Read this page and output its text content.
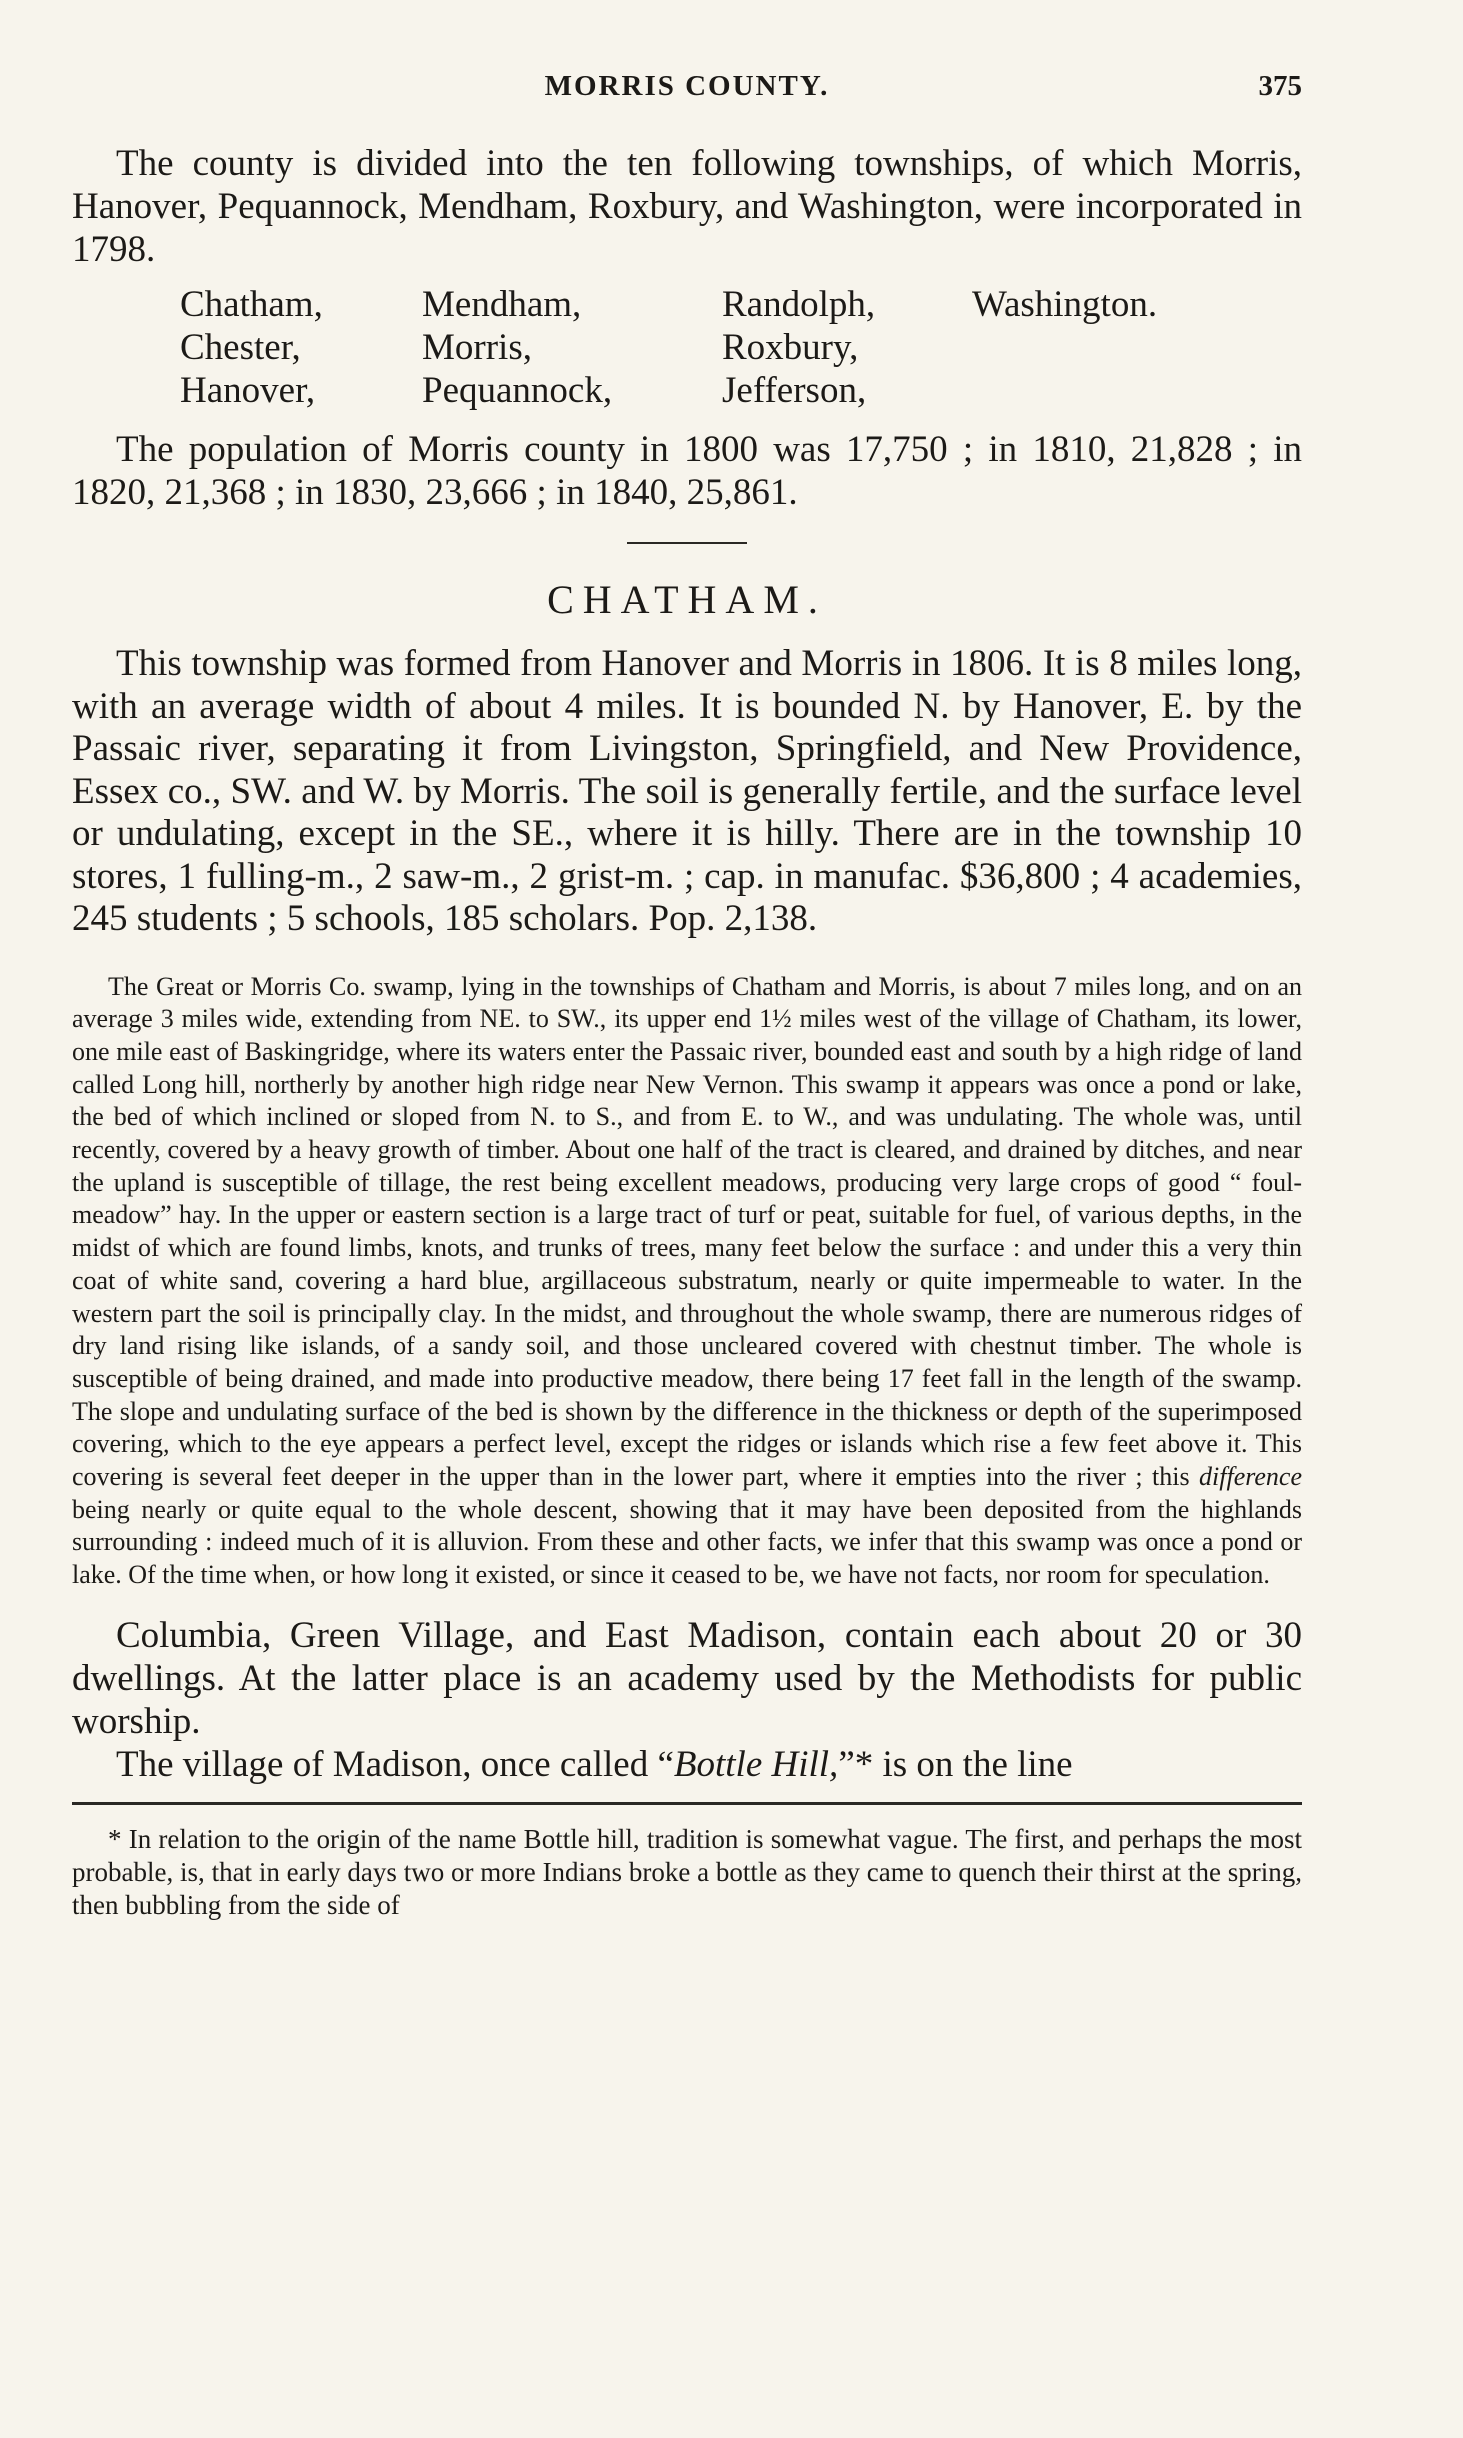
MORRIS COUNTY.	375

The county is divided into the ten following townships, of which Morris, Hanover, Pequannock, Mendham, Roxbury, and Washington, were incorporated in 1798.

Chatham,	Mendham,	Randolph,	Washington.
Chester,	Morris,	Roxbury,	
Hanover,	Pequannock,	Jefferson,	

The population of Morris county in 1800 was 17,750 ; in 1810, 21,828 ; in 1820, 21,368 ; in 1830, 23,666 ; in 1840, 25,861.

CHATHAM.

This township was formed from Hanover and Morris in 1806. It is 8 miles long, with an average width of about 4 miles. It is bounded N. by Hanover, E. by the Passaic river, separating it from Livingston, Springfield, and New Providence, Essex co., SW. and W. by Morris. The soil is generally fertile, and the surface level or undulating, except in the SE., where it is hilly. There are in the township 10 stores, 1 fulling-m., 2 saw-m., 2 grist-m. ; cap. in manufac. $36,800 ; 4 academies, 245 students ; 5 schools, 185 scholars. Pop. 2,138.

The Great or Morris Co. swamp, lying in the townships of Chatham and Morris, is about 7 miles long, and on an average 3 miles wide, extending from NE. to SW., its upper end 1½ miles west of the village of Chatham, its lower, one mile east of Baskingridge, where its waters enter the Passaic river, bounded east and south by a high ridge of land called Long hill, northerly by another high ridge near New Vernon. This swamp it appears was once a pond or lake, the bed of which inclined or sloped from N. to S., and from E. to W., and was undulating. The whole was, until recently, covered by a heavy growth of timber. About one half of the tract is cleared, and drained by ditches, and near the upland is susceptible of tillage, the rest being excellent meadows, producing very large crops of good “ foul-meadow” hay. In the upper or eastern section is a large tract of turf or peat, suitable for fuel, of various depths, in the midst of which are found limbs, knots, and trunks of trees, many feet below the surface : and under this a very thin coat of white sand, covering a hard blue, argillaceous substratum, nearly or quite impermeable to water. In the western part the soil is principally clay. In the midst, and throughout the whole swamp, there are numerous ridges of dry land rising like islands, of a sandy soil, and those uncleared covered with chestnut timber. The whole is susceptible of being drained, and made into productive meadow, there being 17 feet fall in the length of the swamp. The slope and undulating surface of the bed is shown by the difference in the thickness or depth of the superimposed covering, which to the eye appears a perfect level, except the ridges or islands which rise a few feet above it. This covering is several feet deeper in the upper than in the lower part, where it empties into the river ; this difference being nearly or quite equal to the whole descent, showing that it may have been deposited from the highlands surrounding : indeed much of it is alluvion. From these and other facts, we infer that this swamp was once a pond or lake. Of the time when, or how long it existed, or since it ceased to be, we have not facts, nor room for speculation.

Columbia, Green Village, and East Madison, contain each about 20 or 30 dwellings. At the latter place is an academy used by the Methodists for public worship.

The village of Madison, once called “Bottle Hill,”* is on the line

* In relation to the origin of the name Bottle hill, tradition is somewhat vague. The first, and perhaps the most probable, is, that in early days two or more Indians broke a bottle as they came to quench their thirst at the spring, then bubbling from the side of
